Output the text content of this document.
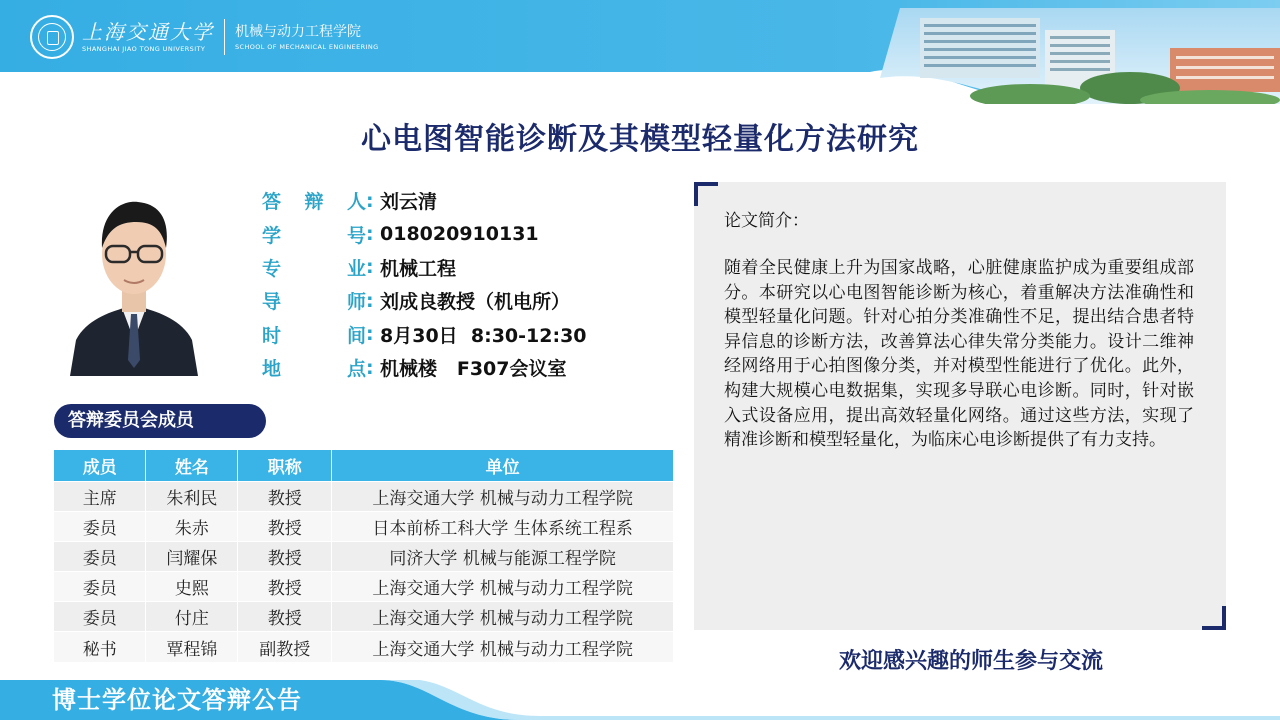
上海交通大学
SHANGHAI JIAO TONG UNIVERSITY
机械与动力工程学院
SCHOOL OF MECHANICAL ENGINEERING
心电图智能诊断及其模型轻量化方法研究
答 辩 人 : 刘云清
学	号 : 018020910131
专	业 : 机械工程
导	师 : 刘成良教授（机电所）
时	间 : 8月30日  8:30-12:30
地	点 : 机械楼   F307会议室
答辩委员会成员
成员	姓名	职称	单位
主席	朱利民	教授	上海交通大学 机械与动力工程学院
委员	朱赤	教授	日本前桥工科大学 生体系统工程系
委员	闫耀保	教授	同济大学 机械与能源工程学院
委员	史熙	教授	上海交通大学 机械与动力工程学院
委员	付庄	教授	上海交通大学 机械与动力工程学院
秘书	覃程锦	副教授	上海交通大学 机械与动力工程学院
论文简介：
随着全民健康上升为国家战略，心脏健康监护成为重要组成部分。本研究以心电图智能诊断为核心，着重解决方法准确性和模型轻量化问题。针对心拍分类准确性不足，提出结合患者特异信息的诊断方法，改善算法心律失常分类能力。设计二维神经网络用于心拍图像分类，并对模型性能进行了优化。此外，构建大规模心电数据集，实现多导联心电诊断。同时，针对嵌入式设备应用，提出高效轻量化网络。通过这些方法，实现了精准诊断和模型轻量化，为临床心电诊断提供了有力支持。
欢迎感兴趣的师生参与交流
博士学位论文答辩公告
